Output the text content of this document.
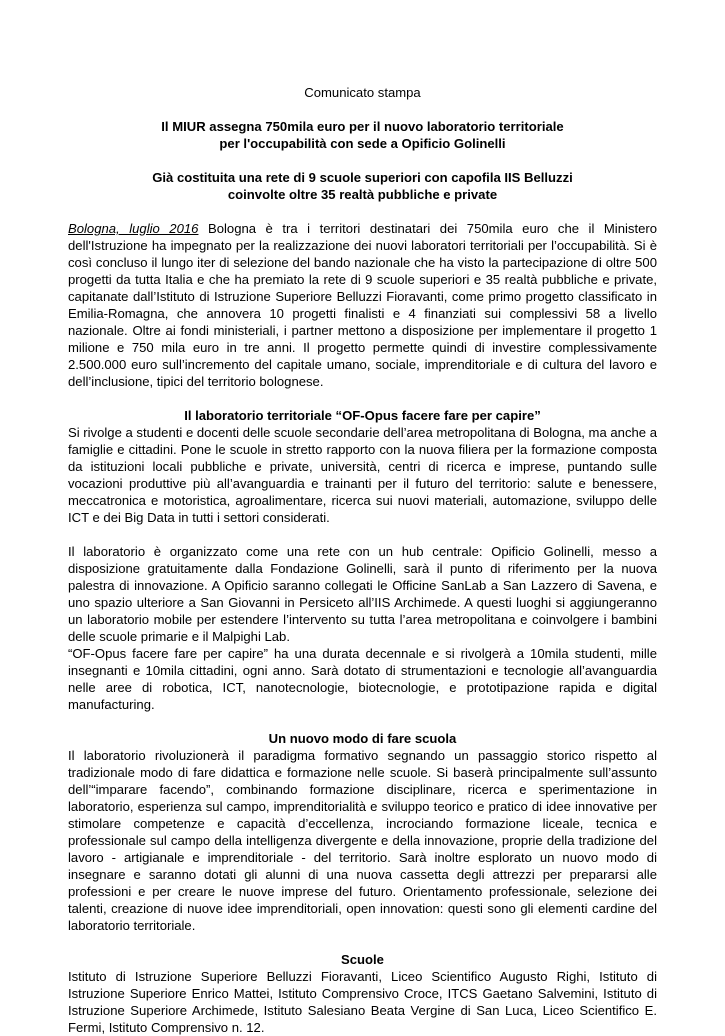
Comunicato stampa

Il MIUR assegna 750mila euro per il nuovo laboratorio territoriale
per l'occupabilità con sede a Opificio Golinelli
Già costituita una rete di 9 scuole superiori con capofila IIS Belluzzi
coinvolte oltre 35 realtà pubbliche e private

Bologna, luglio 2016 Bologna è tra i territori destinatari dei 750mila euro che il Ministero dell'Istruzione ha impegnato per la realizzazione dei nuovi laboratori territoriali per l’occupabilità. Si è così concluso il lungo iter di selezione del bando nazionale che ha visto la partecipazione di oltre 500 progetti da tutta Italia e che ha premiato la rete di 9 scuole superiori e 35 realtà pubbliche e private, capitanate dall’Istituto di Istruzione Superiore Belluzzi Fioravanti, come primo progetto classificato in Emilia-Romagna, che annovera 10 progetti finalisti e 4 finanziati sui complessivi 58 a livello nazionale. Oltre ai fondi ministeriali, i partner mettono a disposizione per implementare il progetto 1 milione e 750 mila euro in tre anni. Il progetto permette quindi di investire complessivamente 2.500.000 euro sull’incremento del capitale umano, sociale, imprenditoriale e di cultura del lavoro e dell’inclusione, tipici del territorio bolognese.

Il laboratorio territoriale “OF-Opus facere fare per capire”

Si rivolge a studenti e docenti delle scuole secondarie dell’area metropolitana di Bologna, ma anche a famiglie e cittadini. Pone le scuole in stretto rapporto con la nuova filiera per la formazione composta da istituzioni locali pubbliche e private, università, centri di ricerca e imprese, puntando sulle vocazioni produttive più all’avanguardia e trainanti per il futuro del territorio: salute e benessere, meccatronica e motoristica, agroalimentare, ricerca sui nuovi materiali, automazione, sviluppo delle ICT e dei Big Data in tutti i settori considerati.

Il laboratorio è organizzato come una rete con un hub centrale: Opificio Golinelli, messo a disposizione gratuitamente dalla Fondazione Golinelli, sarà il punto di riferimento per la nuova palestra di innovazione. A Opificio saranno collegati le Officine SanLab a San Lazzero di Savena, e uno spazio ulteriore a San Giovanni in Persiceto all’IIS Archimede. A questi luoghi si aggiungeranno un laboratorio mobile per estendere l’intervento su tutta l’area metropolitana e coinvolgere i bambini delle scuole primarie e il Malpighi Lab.

“OF-Opus facere fare per capire” ha una durata decennale e si rivolgerà a 10mila studenti, mille insegnanti e 10mila cittadini, ogni anno. Sarà dotato di strumentazioni e tecnologie all’avanguardia nelle aree di robotica, ICT, nanotecnologie, biotecnologie, e prototipazione rapida e digital manufacturing.

Un nuovo modo di fare scuola

Il laboratorio rivoluzionerà il paradigma formativo segnando un passaggio storico rispetto al tradizionale modo di fare didattica e formazione nelle scuole. Si baserà principalmente sull’assunto dell’“imparare facendo”, combinando formazione disciplinare, ricerca e sperimentazione in laboratorio, esperienza sul campo, imprenditorialità e sviluppo teorico e pratico di idee innovative per stimolare competenze e capacità d’eccellenza, incrociando formazione liceale, tecnica e professionale sul campo della intelligenza divergente e della innovazione, proprie della tradizione del lavoro - artigianale e imprenditoriale - del territorio. Sarà inoltre esplorato un nuovo modo di insegnare e saranno dotati gli alunni di una nuova cassetta degli attrezzi per prepararsi alle professioni e per creare le nuove imprese del futuro. Orientamento professionale, selezione dei talenti, creazione di nuove idee imprenditoriali, open innovation: questi sono gli elementi cardine del laboratorio territoriale.

Scuole

Istituto di Istruzione Superiore Belluzzi Fioravanti, Liceo Scientifico Augusto Righi, Istituto di Istruzione Superiore Enrico Mattei, Istituto Comprensivo Croce, ITCS Gaetano Salvemini, Istituto di Istruzione Superiore Archimede, Istituto Salesiano Beata Vergine di San Luca, Liceo Scientifico E. Fermi, Istituto Comprensivo n. 12.
